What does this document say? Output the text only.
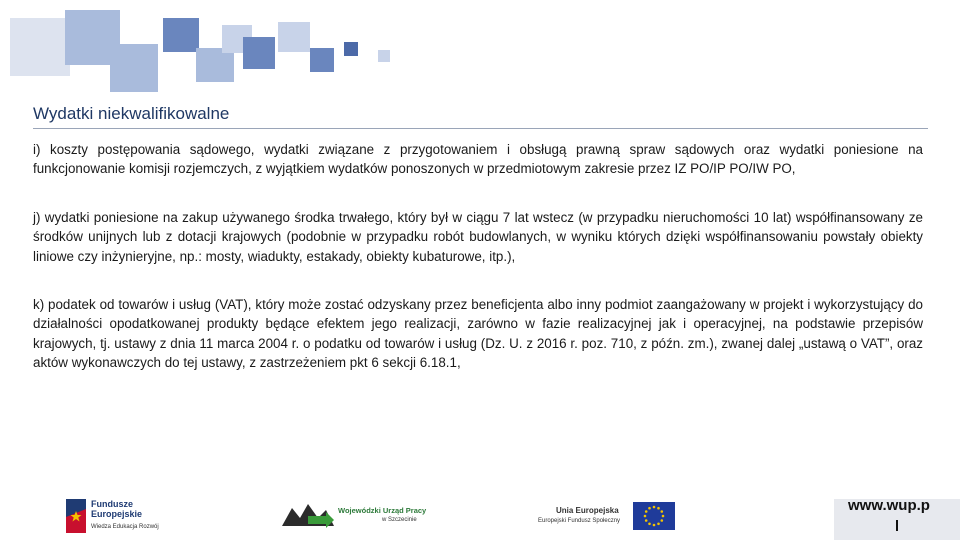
Wydatki niekwalifikowalne
i) koszty postępowania sądowego, wydatki związane z przygotowaniem i obsługą prawną spraw sądowych oraz wydatki poniesione na funkcjonowanie komisji rozjemczych, z wyjątkiem wydatków ponoszonych w przedmiotowym zakresie przez IZ PO/IP PO/IW PO,
j) wydatki poniesione na zakup używanego środka trwałego, który był w ciągu 7 lat wstecz (w przypadku nieruchomości 10 lat) współfinansowany ze środków unijnych lub z dotacji krajowych (podobnie w przypadku robót budowlanych, w wyniku których dzięki współfinansowaniu powstały obiekty liniowe czy inżynieryjne, np.: mosty, wiadukty, estakady, obiekty kubaturowe, itp.),
k) podatek od towarów i usług (VAT), który może zostać odzyskany przez beneficjenta albo inny podmiot zaangażowany w projekt i wykorzystujący do działalności opodatkowanej produkty będące efektem jego realizacji, zarówno w fazie realizacyjnej jak i operacyjnej, na podstawie przepisów krajowych, tj. ustawy z dnia 11 marca 2004 r. o podatku od towarów i usług (Dz. U. z 2016 r. poz. 710, z późn. zm.), zwanej dalej „ustawą o VAT”, oraz aktów wykonawczych do tej ustawy, z zastrzeżeniem pkt 6 sekcji 6.18.1,
Fundusze
Europejskie
Wiedza Edukacja Rozwój
Wojewódzki Urząd Pracy
w Szczecinie
Unia Europejska
Europejski Fundusz Społeczny
www.wup.p
